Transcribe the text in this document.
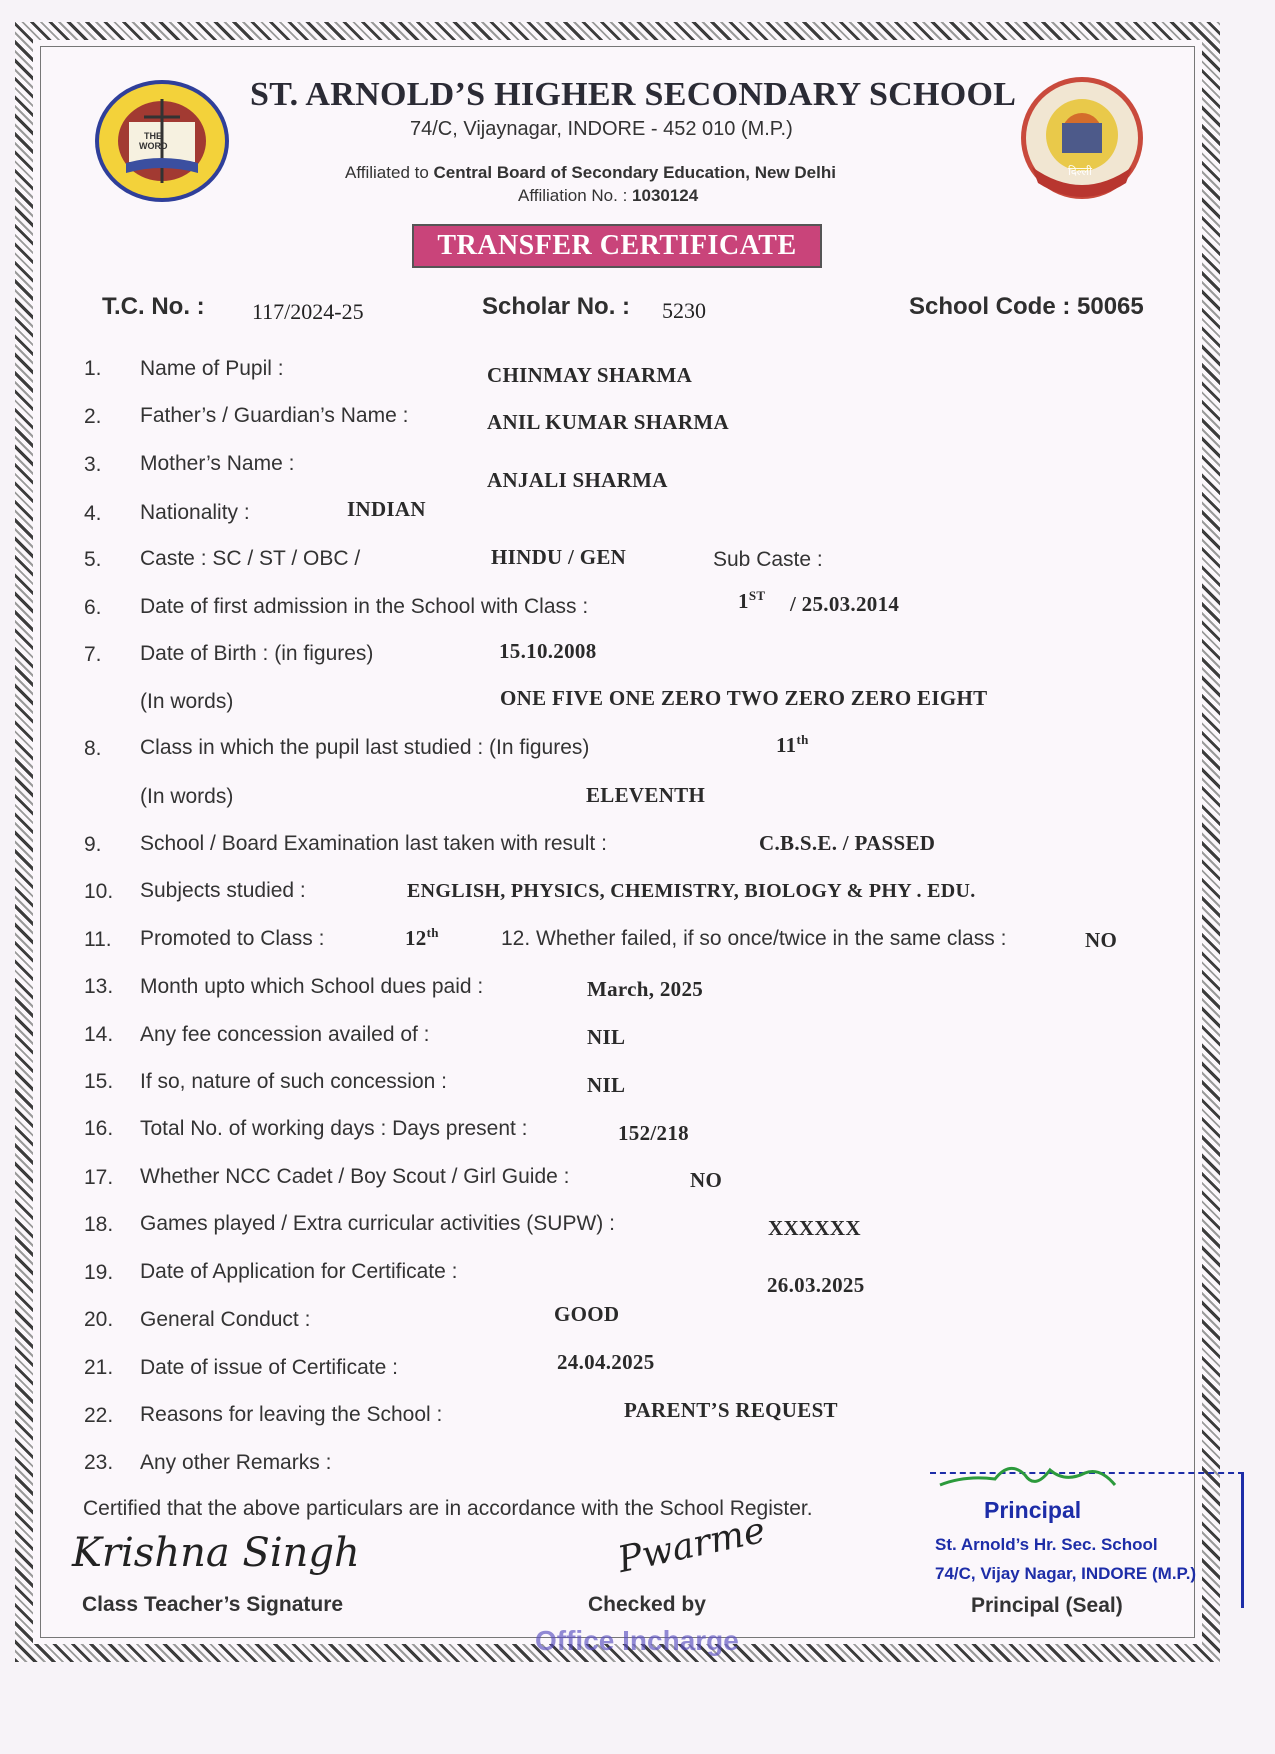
THE
WORD
दिल्ली
ST. ARNOLD’S HIGHER SECONDARY SCHOOL
74/C, Vijaynagar, INDORE - 452 010 (M.P.)
Affiliated to Central Board of Secondary Education, New Delhi
Affiliation No. : 1030124
TRANSFER CERTIFICATE
T.C. No. : 117/2024-25	Scholar No. : 5230	School Code : 50065
1. Name of Pupil :	CHINMAY SHARMA
2. Father’s / Guardian’s Name :	ANIL KUMAR SHARMA
3. Mother’s Name :
ANJALI SHARMA
4. Nationality :	INDIAN
5. Caste : SC / ST / OBC /	HINDU / GEN	Sub Caste :
6. Date of first admission in the School with Class :	1ST / 25.03.2014
7. Date of Birth : (in figures)	15.10.2008
(In words)	ONE FIVE ONE ZERO TWO ZERO ZERO EIGHT
8. Class in which the pupil last studied : (In figures)	11th
(In words)	ELEVENTH
9. School / Board Examination last taken with result :	C.B.S.E. / PASSED
10. Subjects studied :	ENGLISH, PHYSICS, CHEMISTRY, BIOLOGY & PHY . EDU.
11. Promoted to Class :	12th	12. Whether failed, if so once/twice in the same class :	NO
13. Month upto which School dues paid :	March, 2025
14. Any fee concession availed of :	NIL
15. If so, nature of such concession :	NIL
16. Total No. of working days : Days present :	152/218
17. Whether NCC Cadet / Boy Scout / Girl Guide :	NO
18. Games played / Extra curricular activities (SUPW) :	XXXXXX
19. Date of Application for Certificate :
26.03.2025
20. General Conduct :	GOOD
21. Date of issue of Certificate :	24.04.2025
22. Reasons for leaving the School :	PARENT’S REQUEST
23. Any other Remarks :
Certified that the above particulars are in accordance with the School Register.
Krishna Singh
Class Teacher’s Signature
Pwarme
Checked by
Office Incharge
Principal
St. Arnold’s Hr. Sec. School
74/C, Vijay Nagar, INDORE (M.P.)
Principal (Seal)
